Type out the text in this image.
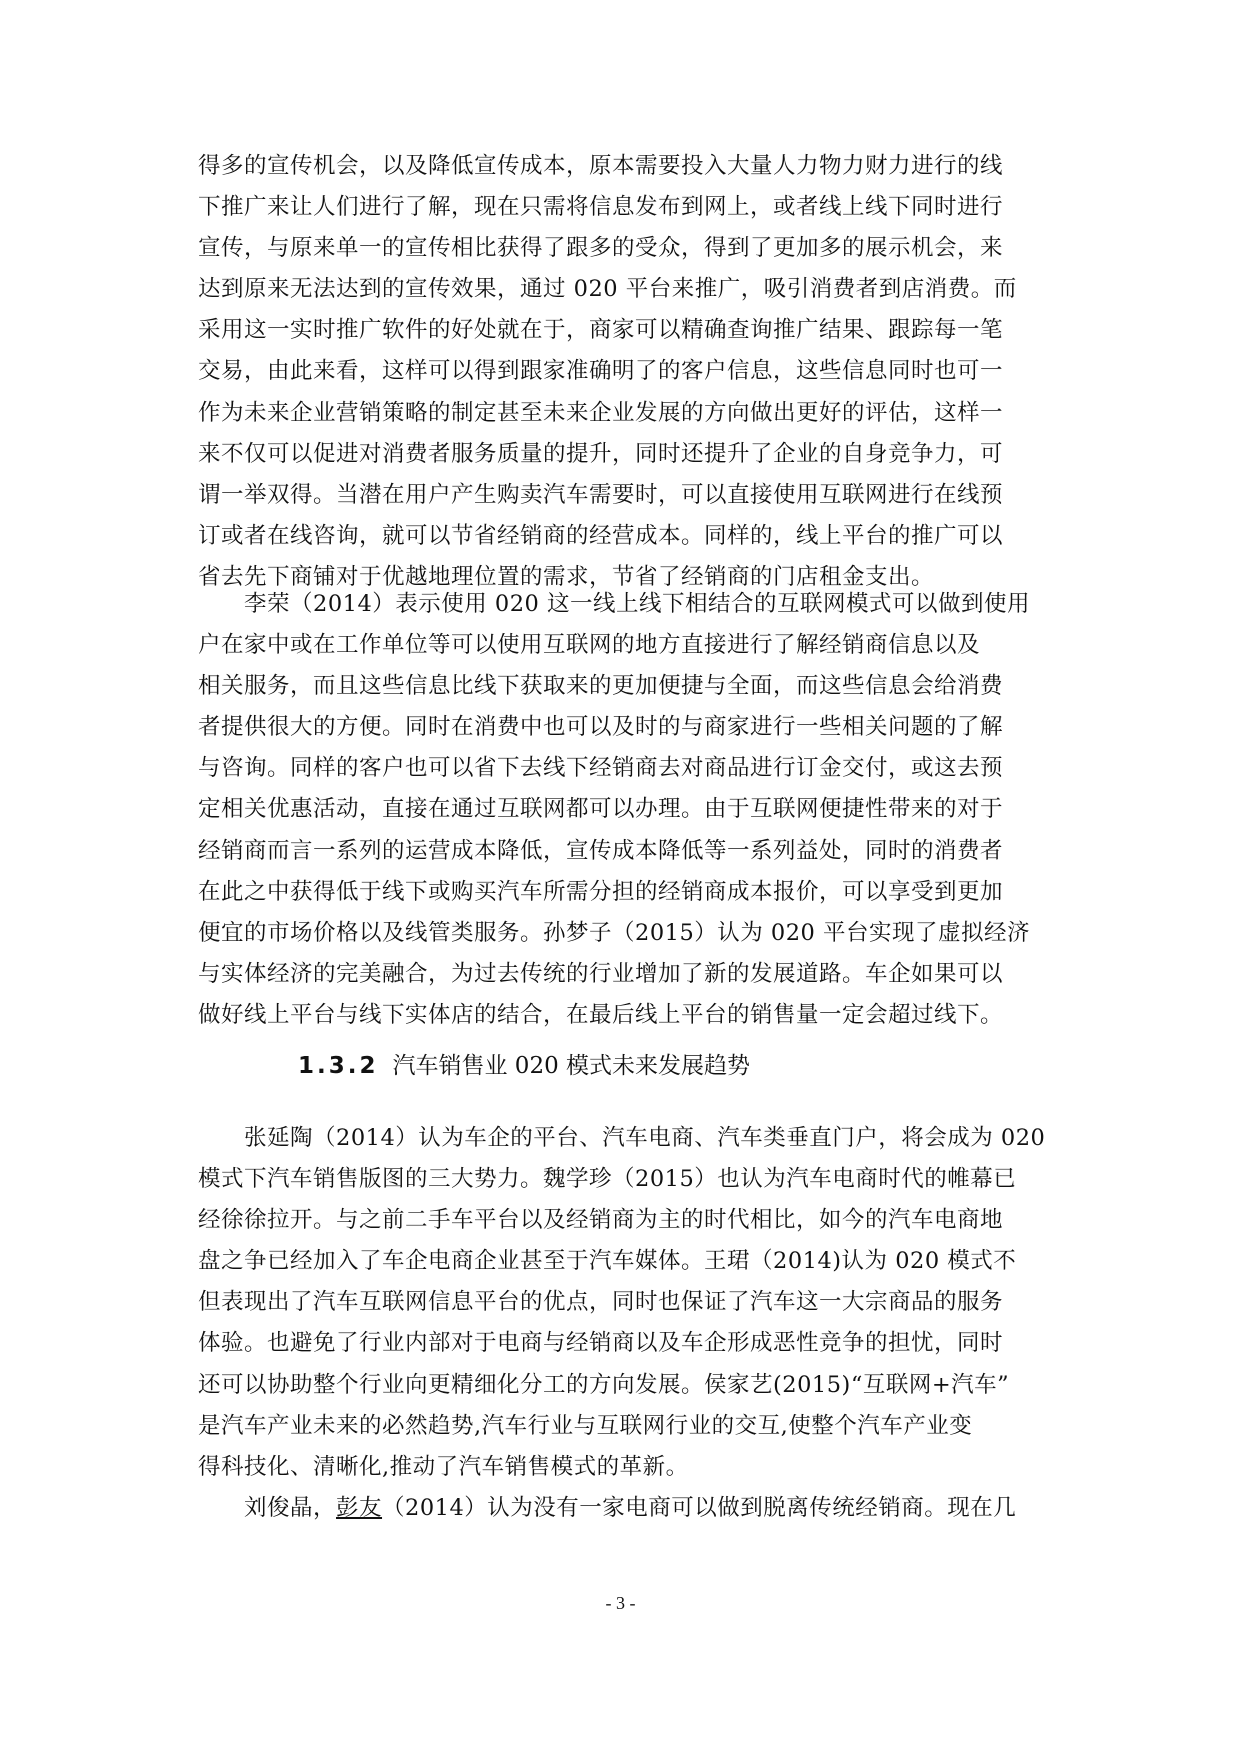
得多的宣传机会，以及降低宣传成本，原本需要投入大量人力物力财力进行的线
下推广来让人们进行了解，现在只需将信息发布到网上，或者线上线下同时进行
宣传，与原来单一的宣传相比获得了跟多的受众，得到了更加多的展示机会，来
达到原来无法达到的宣传效果，通过 020 平台来推广，吸引消费者到店消费。而
采用这一实时推广软件的好处就在于，商家可以精确查询推广结果、跟踪每一笔
交易，由此来看，这样可以得到跟家准确明了的客户信息，这些信息同时也可一
作为未来企业营销策略的制定甚至未来企业发展的方向做出更好的评估，这样一
来不仅可以促进对消费者服务质量的提升，同时还提升了企业的自身竞争力，可
谓一举双得。当潜在用户产生购卖汽车需要时，可以直接使用互联网进行在线预
订或者在线咨询，就可以节省经销商的经营成本。同样的，线上平台的推广可以
省去先下商铺对于优越地理位置的需求，节省了经销商的门店租金支出。
　　李荣（2014）表示使用 020 这一线上线下相结合的互联网模式可以做到使用
户在家中或在工作单位等可以使用互联网的地方直接进行了解经销商信息以及
相关服务，而且这些信息比线下获取来的更加便捷与全面，而这些信息会给消费
者提供很大的方便。同时在消费中也可以及时的与商家进行一些相关问题的了解
与咨询。同样的客户也可以省下去线下经销商去对商品进行订金交付，或这去预
定相关优惠活动，直接在通过互联网都可以办理。由于互联网便捷性带来的对于
经销商而言一系列的运营成本降低，宣传成本降低等一系列益处，同时的消费者
在此之中获得低于线下或购买汽车所需分担的经销商成本报价，可以享受到更加
便宜的市场价格以及线管类服务。孙梦子（2015）认为 020 平台实现了虚拟经济
与实体经济的完美融合，为过去传统的行业增加了新的发展道路。车企如果可以
做好线上平台与线下实体店的结合，在最后线上平台的销售量一定会超过线下。
1.3.2 汽车销售业 020 模式未来发展趋势
　　张延陶（2014）认为车企的平台、汽车电商、汽车类垂直门户，将会成为 020
模式下汽车销售版图的三大势力。魏学珍（2015）也认为汽车电商时代的帷幕已
经徐徐拉开。与之前二手车平台以及经销商为主的时代相比，如今的汽车电商地
盘之争已经加入了车企电商企业甚至于汽车媒体。王珺（2014)认为 020 模式不
但表现出了汽车互联网信息平台的优点，同时也保证了汽车这一大宗商品的服务
体验。也避免了行业内部对于电商与经销商以及车企形成恶性竞争的担忧，同时
还可以协助整个行业向更精细化分工的方向发展。侯家艺(2015)“互联网+汽车”
是汽车产业未来的必然趋势,汽车行业与互联网行业的交互,使整个汽车产业变
得科技化、清晰化,推动了汽车销售模式的革新。
　　刘俊晶，彭友（2014）认为没有一家电商可以做到脱离传统经销商。现在几
- 3 -
